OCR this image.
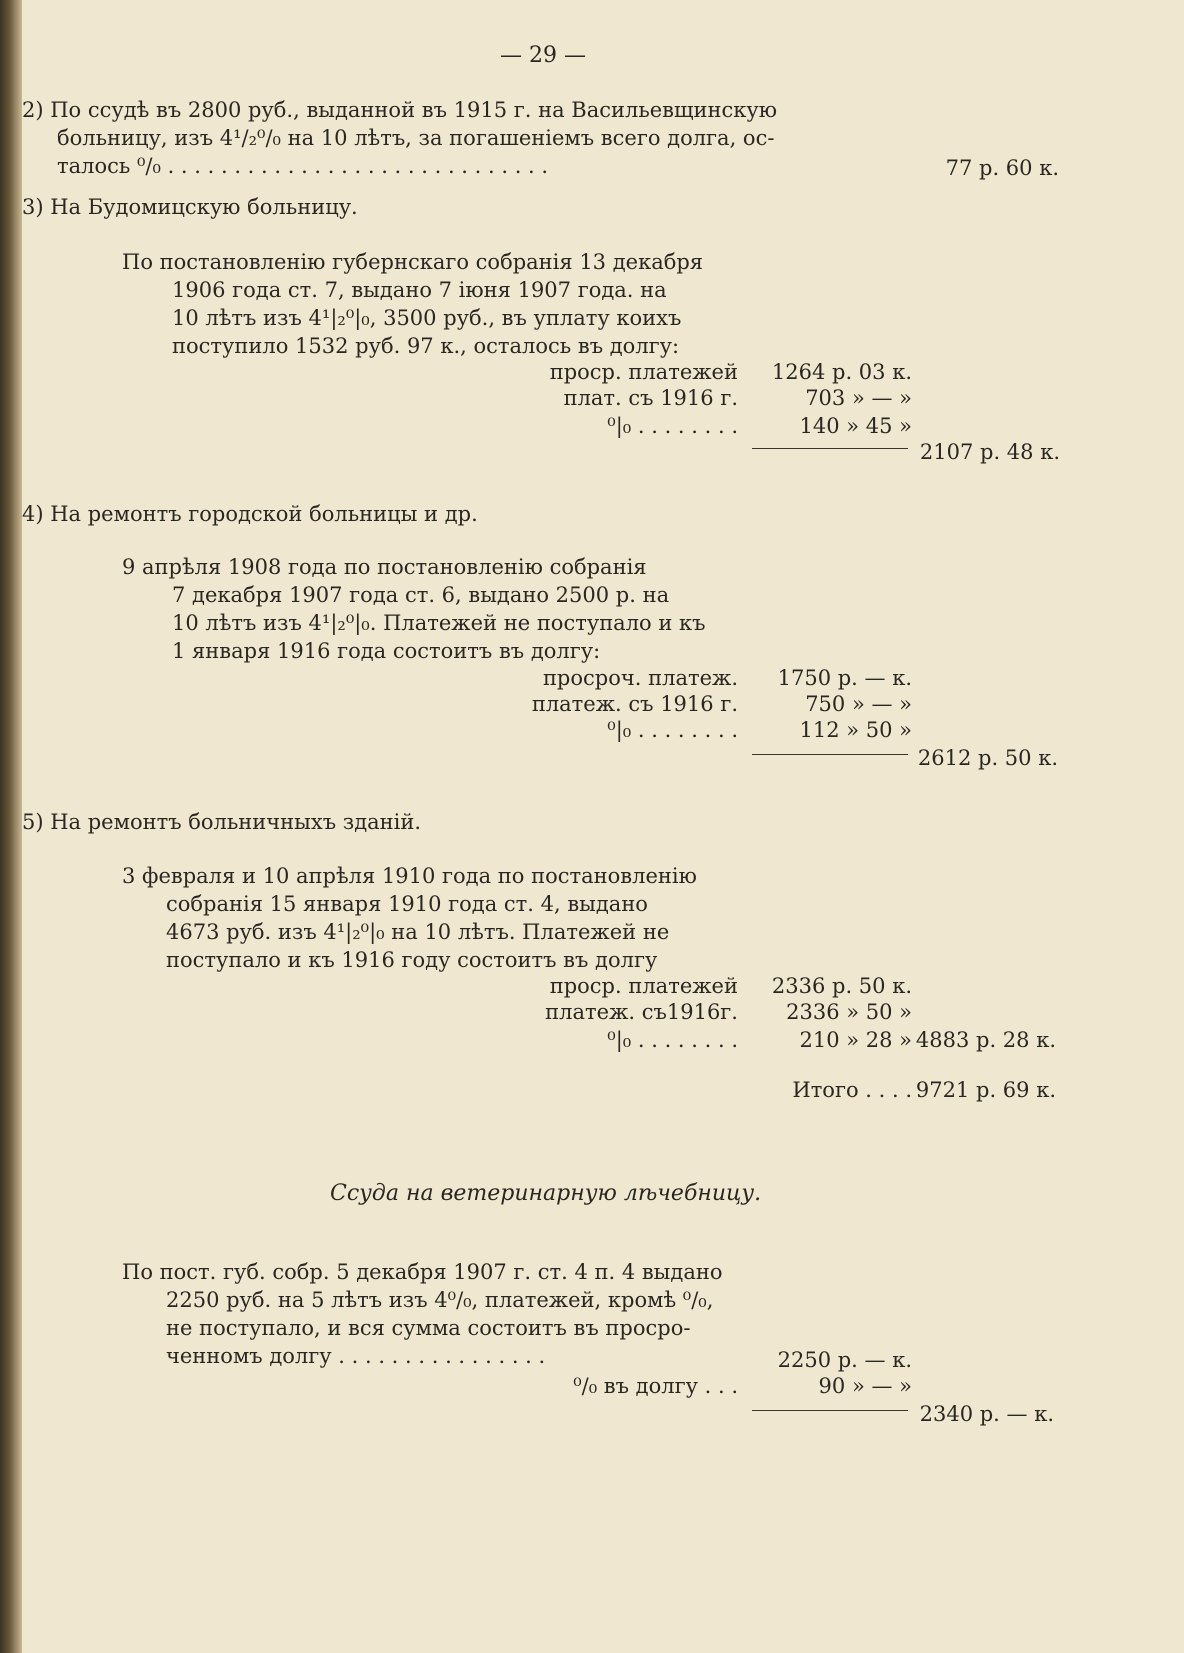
— 29 —
2) По ссудѣ въ 2800 руб., выданной въ 1915 г. на Васильевщинскую
больницу, изъ 4¹/₂⁰/₀ на 10 лѣтъ, за погашеніемъ всего долга, ос-
талось ⁰/₀ . . . . . . . . . . . . . . . . . . . . . . . . . . . . .	77 р. 60 к.
3) На Будомицскую больницу.
По постановленію губернскаго собранія 13 декабря
1906 года ст. 7, выдано 7 іюня 1907 года. на
10 лѣтъ изъ 4¹|₂⁰|₀, 3500 руб., въ уплату коихъ
поступило 1532 руб. 97 к., осталось въ долгу:
проср. платежей 1264 р. 03 к.
плат. съ 1916 г.	703 » — »
⁰|₀ . . . . . . . .	140 » 45 »
2107 р. 48 к.
4) На ремонтъ городской больницы и др.
9 апрѣля 1908 года по постановленію собранія
7 декабря 1907 года ст. 6, выдано 2500 р. на
10 лѣтъ изъ 4¹|₂⁰|₀. Платежей не поступало и къ
1 января 1916 года состоитъ въ долгу:
просроч. платеж. 1750 р. — к.
платеж. съ 1916 г.	750 » — »
⁰|₀ . . . . . . . .	112 » 50 »
2612 р. 50 к.
5) На ремонтъ больничныхъ зданій.
3 февраля и 10 апрѣля 1910 года по постановленію
собранія 15 января 1910 года ст. 4, выдано
4673 руб. изъ 4¹|₂⁰|₀ на 10 лѣтъ. Платежей не
поступало и къ 1916 году состоитъ въ долгу
проср. платежей 2336 р. 50 к.
платеж. съ1916г. 2336 » 50 »
⁰|₀ . . . . . . . .	210 » 28 » 4883 р. 28 к.
Итого . . . . 9721 р. 69 к.
Ссуда на ветеринарную лѣчебницу.
По пост. губ. собр. 5 декабря 1907 г. ст. 4 п. 4 выдано
2250 руб. на 5 лѣтъ изъ 4⁰/₀, платежей, кромѣ ⁰/₀,
не поступало, и вся сумма состоитъ въ просро-
ченномъ долгу . . . . . . . . . . . . . . . .	2250 р. — к.
⁰/₀ въ долгу . . .	90 » — »
2340 р. — к.
